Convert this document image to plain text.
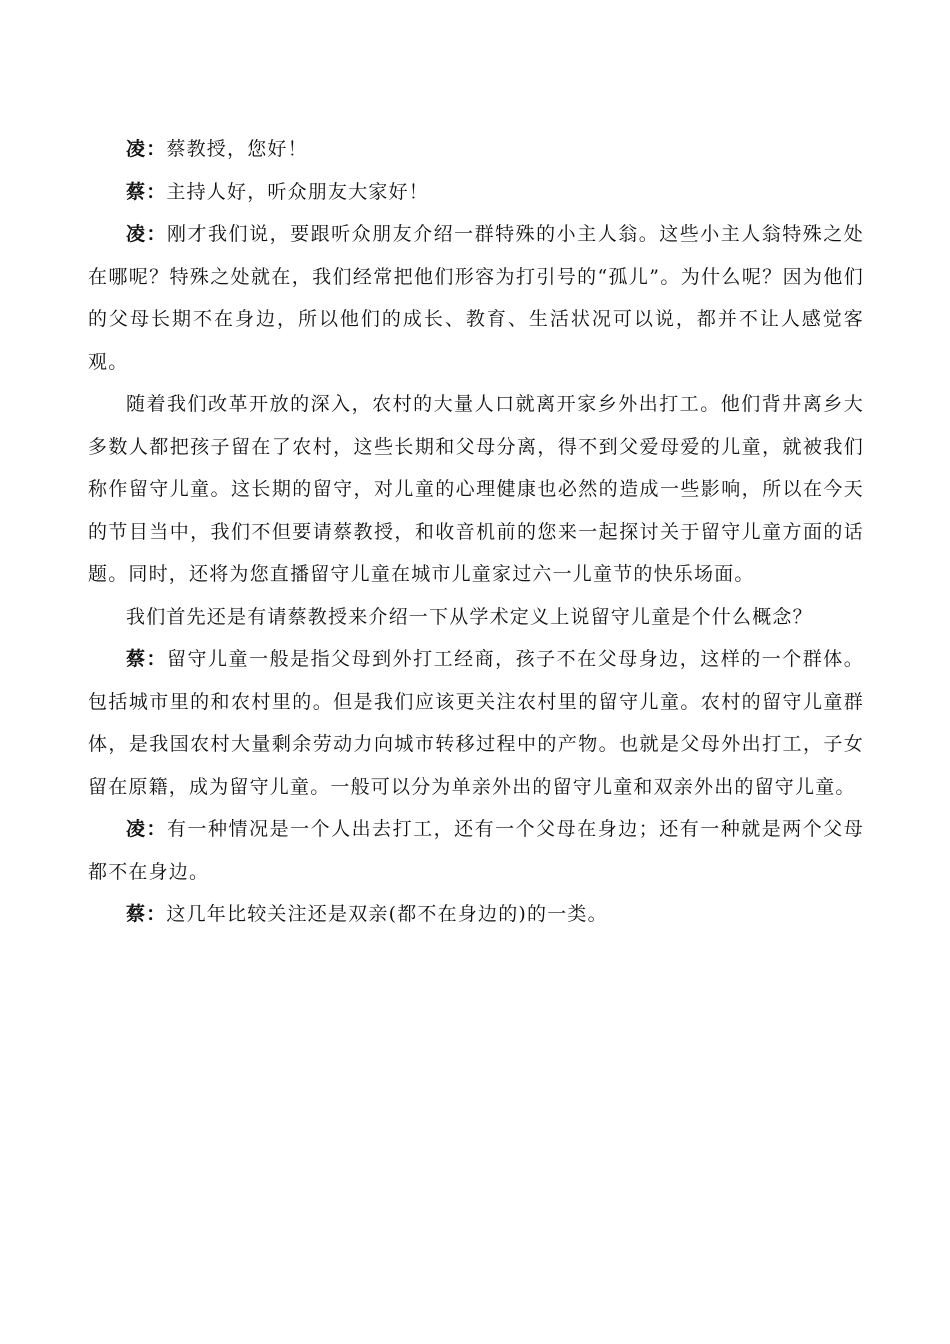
凌：蔡教授，您好！

蔡：主持人好，听众朋友大家好！

凌：刚才我们说，要跟听众朋友介绍一群特殊的小主人翁。这些小主人翁特殊之处在哪呢？特殊之处就在，我们经常把他们形容为打引号的“孤儿”。为什么呢？因为他们的父母长期不在身边，所以他们的成长、教育、生活状况可以说，都并不让人感觉客观。

随着我们改革开放的深入，农村的大量人口就离开家乡外出打工。他们背井离乡大多数人都把孩子留在了农村，这些长期和父母分离，得不到父爱母爱的儿童，就被我们称作留守儿童。这长期的留守，对儿童的心理健康也必然的造成一些影响，所以在今天的节目当中，我们不但要请蔡教授，和收音机前的您来一起探讨关于留守儿童方面的话题。同时，还将为您直播留守儿童在城市儿童家过六一儿童节的快乐场面。

我们首先还是有请蔡教授来介绍一下从学术定义上说留守儿童是个什么概念？

蔡：留守儿童一般是指父母到外打工经商，孩子不在父母身边，这样的一个群体。包括城市里的和农村里的。但是我们应该更关注农村里的留守儿童。农村的留守儿童群体，是我国农村大量剩余劳动力向城市转移过程中的产物。也就是父母外出打工，子女留在原籍，成为留守儿童。一般可以分为单亲外出的留守儿童和双亲外出的留守儿童。

凌：有一种情况是一个人出去打工，还有一个父母在身边；还有一种就是两个父母都不在身边。

蔡：这几年比较关注还是双亲(都不在身边的)的一类。
